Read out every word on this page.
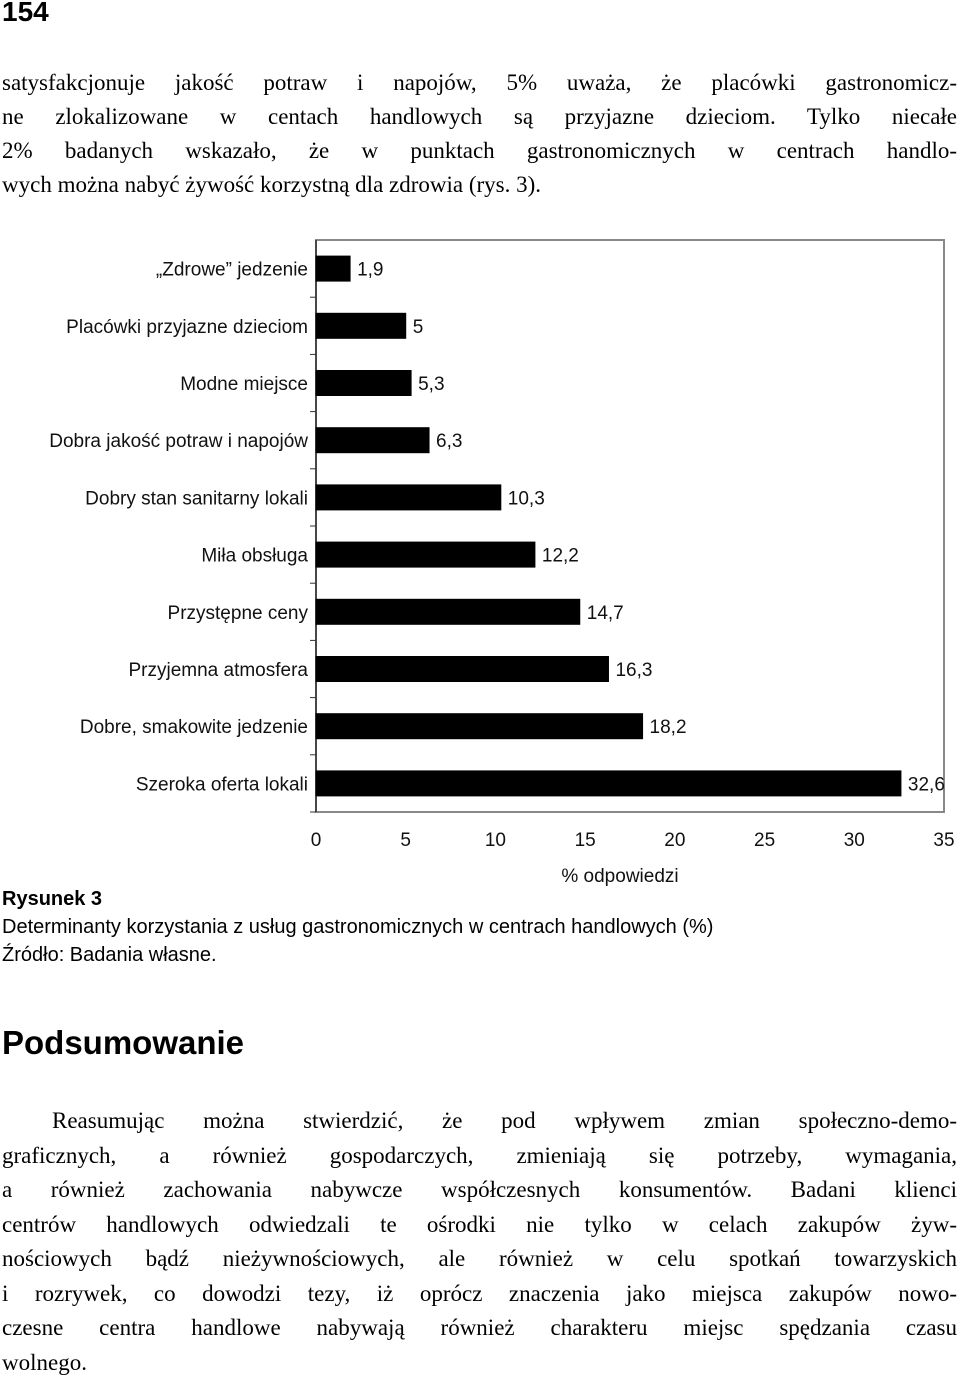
154
satysfakcjonuje jakość potraw i napojów, 5% uważa, że placówki gastronomicz-
ne zlokalizowane w centach handlowych są przyjazne dzieciom. Tylko niecałe
2% badanych wskazało, że w punktach gastronomicznych w centrach handlo-
wych można nabyć żywość korzystną dla zdrowia (rys. 3).
„Zdrowe” jedzenie	1,9
Placówki przyjazne dzieciom	5
Modne miejsce	5,3
Dobra jakość potraw i napojów	6,3
Dobry stan sanitarny lokali	10,3
Miła obsługa	12,2
Przystępne ceny	14,7
Przyjemna atmosfera	16,3
Dobre, smakowite jedzenie	18,2
Szeroka oferta lokali	32,6
0	5	10	15	20	25	30	35
% odpowiedzi
Rysunek 3
Determinanty korzystania z usług gastronomicznych w centrach handlowych (%)
Źródło: Badania własne.
Podsumowanie
Reasumując można stwierdzić, że pod wpływem zmian społeczno-demo-
graficznych, a również gospodarczych, zmieniają się potrzeby, wymagania,
a również zachowania nabywcze współczesnych konsumentów. Badani klienci
centrów handlowych odwiedzali te ośrodki nie tylko w celach zakupów żyw-
nościowych bądź nieżywnościowych, ale również w celu spotkań towarzyskich
i rozrywek, co dowodzi tezy, iż oprócz znaczenia jako miejsca zakupów nowo-
czesne centra handlowe nabywają również charakteru miejsc spędzania czasu
wolnego.
